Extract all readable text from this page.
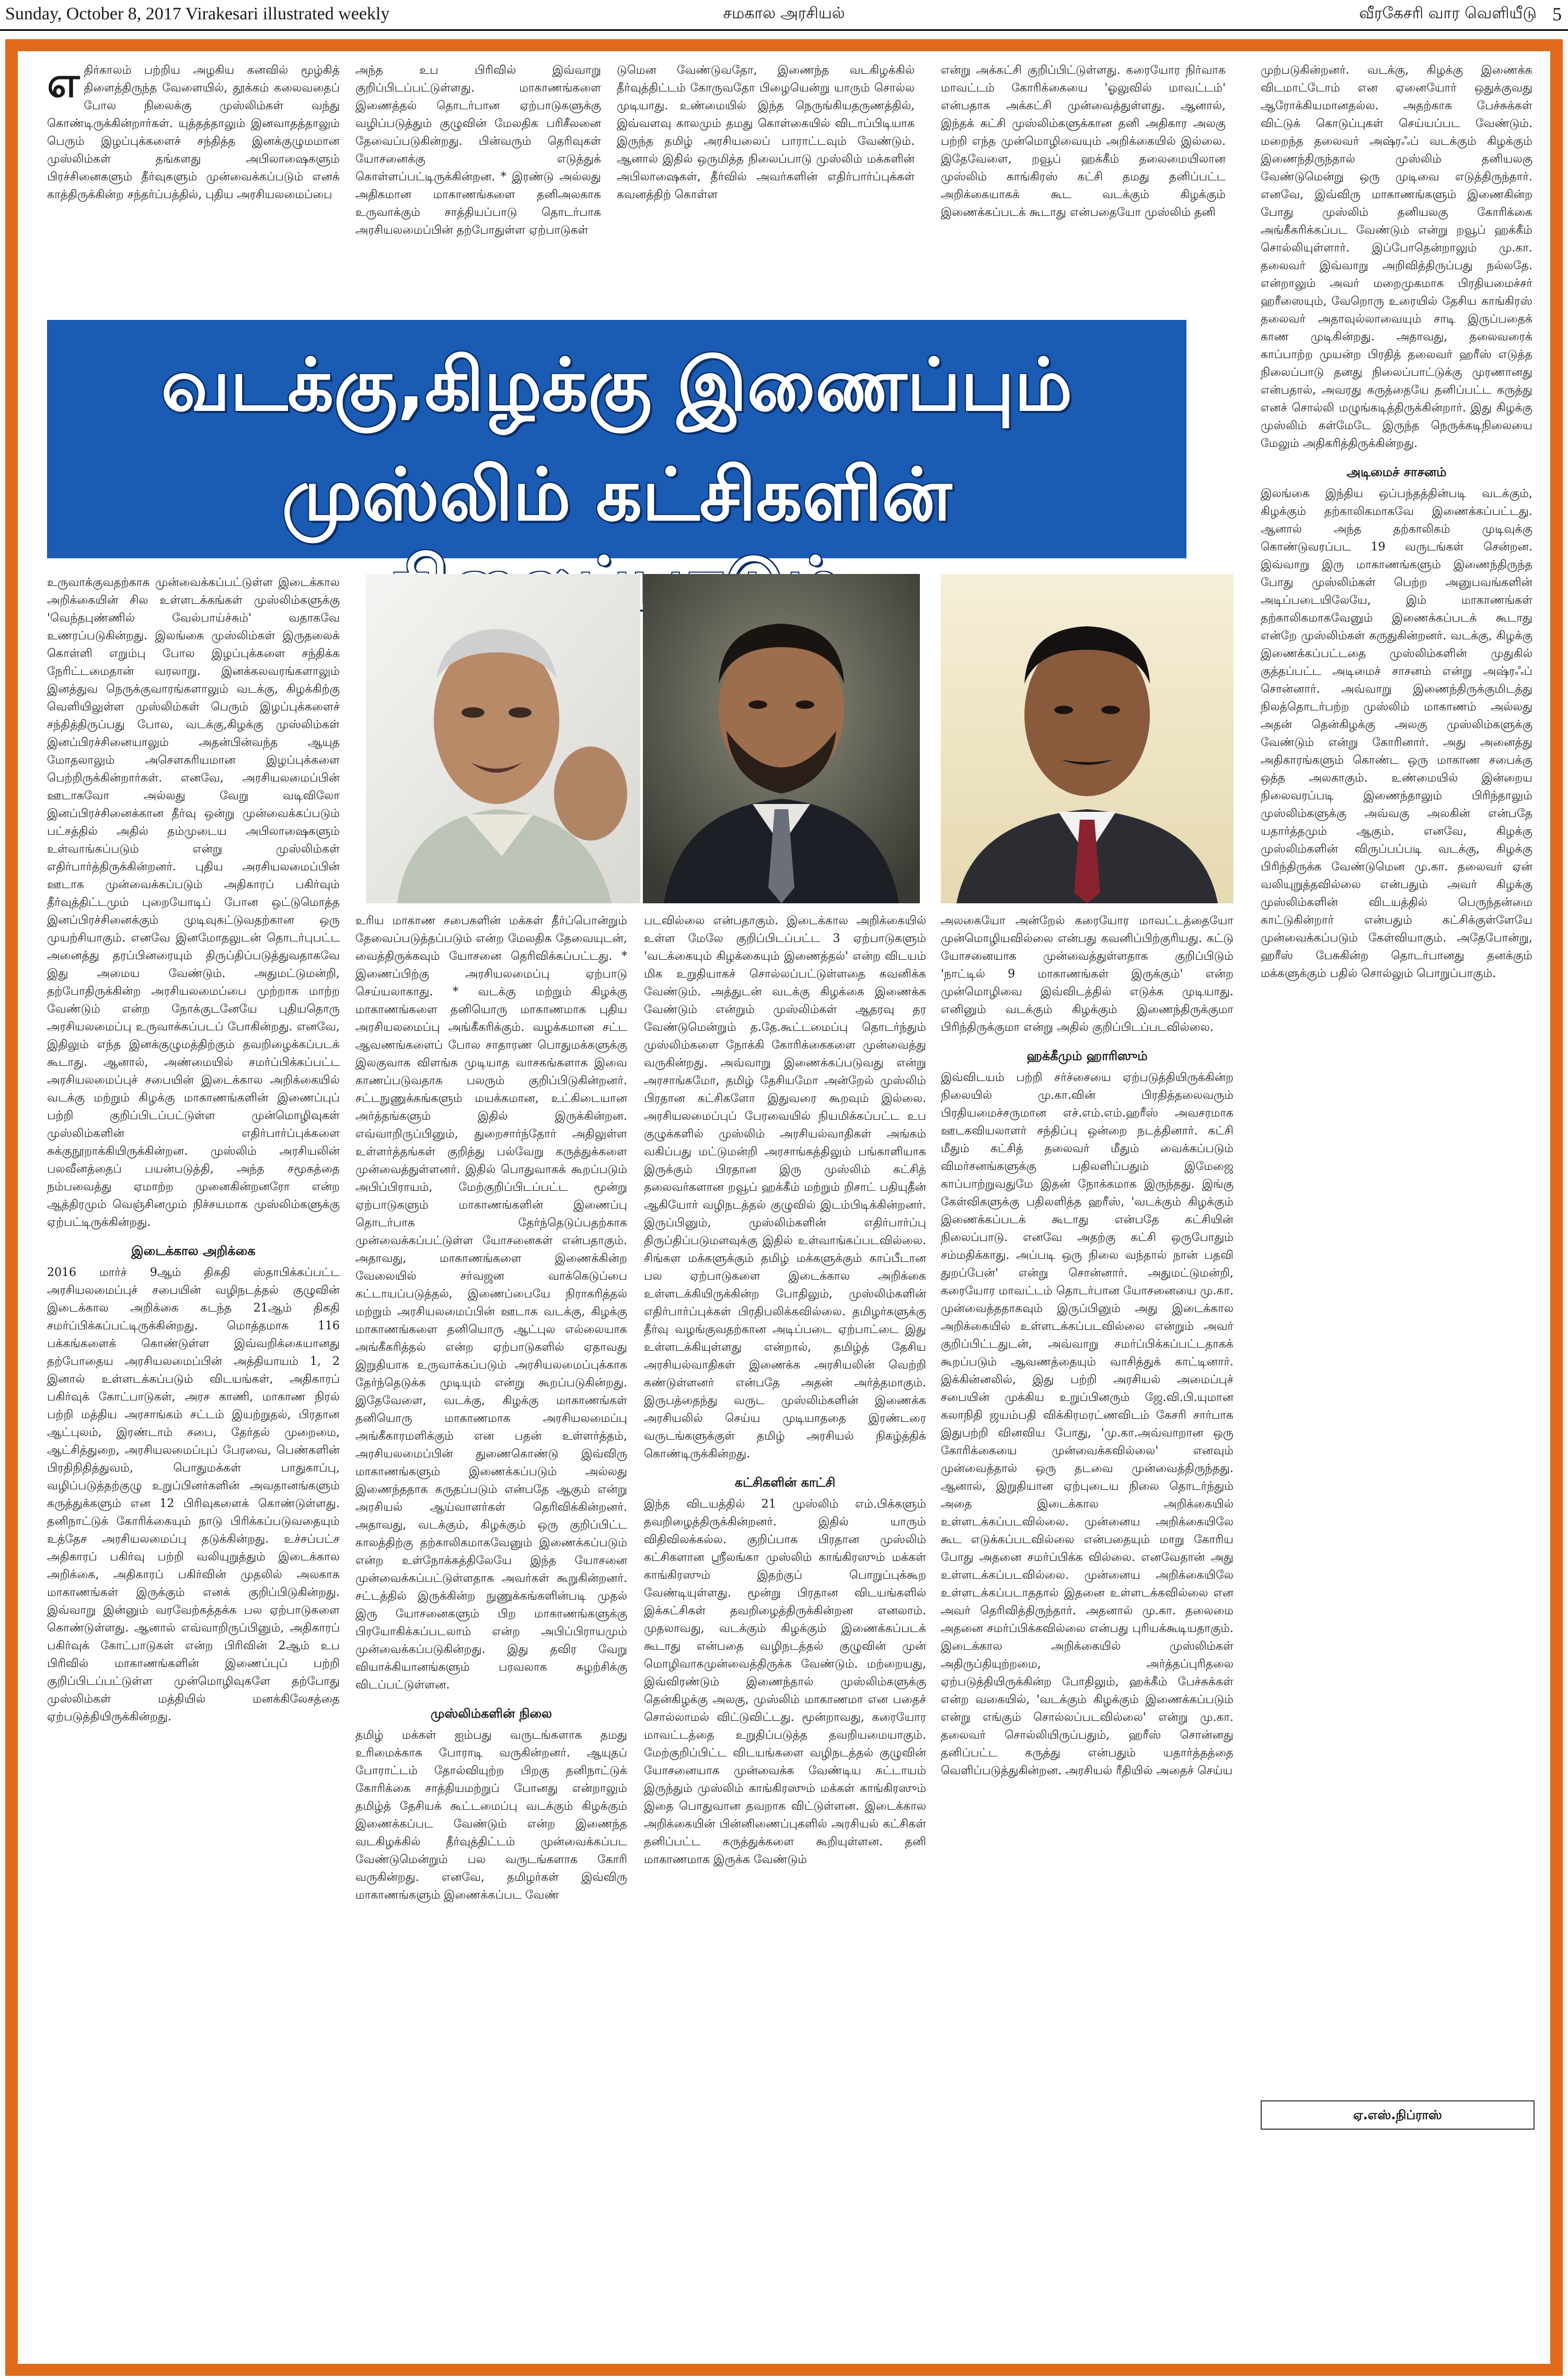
Sunday, October 8, 2017 Virakesari illustrated weekly	சமகால அரசியல்	வீரகேசரி வார வெளியீடு 5

எதிர்காலம் பற்றிய அழகிய கனவில் மூழ்கித் திளைத்திருந்த வேளையில், தூக்கம் கலைவதைப் போல நிலைக்கு முஸ்லிம்கள் வந்து கொண்டிருக்கின்றார்கள். யுத்தத்தாலும் இனவாதத்தாலும் பெரும் இழப்புக்களைச் சந்தித்த இனக்குழுமமான முஸ்லிம்கள் தங்களது அபிலாஷைகளும் பிரச்சினைகளும் தீர்வுகளும் முன்வைக்கப்படும் எனக் காத்திருக்கின்ற சந்தர்ப்பத்தில், புதிய அரசியலமைப்பை

அந்த உப பிரிவில் இவ்வாறு குறிப்பிடப்பட்டுள்ளது. மாகாணங்களை இணைத்தல் தொடர்பான ஏற்பாடுகளுக்கு வழிப்படுத்தும் குழுவின் மேலதிக பரிசீலனை தேவைப்படுகின்றது. பின்வரும் தெரிவுகள் யோசனைக்கு எடுத்துக் கொள்ளப்பட்டிருக்கின்றன. * இரண்டு அல்லது அதிகமான மாகாணங்களை தனிஅலகாக உருவாக்கும் சாத்தியப்பாடு தொடர்பாக அரசியலமைப்பின் தற்போதுள்ள ஏற்பாடுகள்

டுமென வேண்டுவதோ, இணைந்த வடகிழக்கில் தீர்வுத்திட்டம் கோருவதோ பிழையென்று யாரும் சொல்ல முடியாது. உண்மையில் இந்த நெருங்கியதருணத்தில், இவ்வளவு காலமும் தமது கொள்கையில் விடாப்பிடியாக இருந்த தமிழ் அரசியலைப் பாராட்டவும் வேண்டும். ஆனால் இதில் ஒருமித்த நிலைப்பாடு முஸ்லிம் மக்களின் அபிலாஷைகள், தீர்வில் அவர்களின் எதிர்பார்ப்புக்கள் கவனத்திற் கொள்ள

என்று அக்கட்சி குறிப்பிட்டுள்ளது. கரையோர நிர்வாக மாவட்டம் கோரிக்கையை 'ஓலுவில் மாவட்டம்' என்பதாக அக்கட்சி முன்வைத்துள்ளது. ஆனால், இந்தக் கட்சி முஸ்லிம்களுக்கான தனி அதிகார அலகு பற்றி எந்த முன்மொழிவையும் அறிக்கையில் இல்லை. இதேவேளை, றவூப் ஹக்கீம் தலைமையிலான முஸ்லிம் காங்கிரஸ் கட்சி தமது தனிப்பட்ட அறிக்கையாகக் கூட வடக்கும் கிழக்கும் இணைக்கப்படக் கூடாது என்பதையோ முஸ்லிம் தனி

வடக்கு,கிழக்கு இணைப்பும்
முஸ்லிம் கட்சிகளின்

முற்படுகின்றனர். வடக்கு, கிழக்கு இணைக்க விடமாட்டோம் என ஏனையோர் ஒதுக்குவது ஆரோக்கியமானதல்ல. அதற்காக பேச்சுக்கள் விட்டுக் கொடுப்புகள் செய்யப்பட வேண்டும். மறைந்த தலைவர் அஷ்ரஃப் வடக்கும் கிழக்கும் இணைந்திருந்தால் முஸ்லிம் தனியலகு வேண்டுமென்று ஒரு முடிவை எடுத்திருந்தார். எனவே, இவ்விரு மாகாணங்களும் இணைகின்ற போது முஸ்லிம் தனியலகு கோரிக்கை அங்கீகரிக்கப்பட வேண்டும் என்று றவூப் ஹக்கீம் சொல்லியுள்ளார். இப்போதென்றாலும் மு.கா. தலைவர் இவ்வாறு அறிவித்திருப்பது நல்லதே. என்றாலும் அவர் மறைமுகமாக பிரதியமைச்சர் ஹரீஸையும், வேறொரு உரையில் தேசிய காங்கிரஸ் தலைவர் அதாவுல்லாவையும் சாடி இருப்பதைக் காண முடிகின்றது. அதாவது, தலைவரைக் காப்பாற்ற முயன்ற பிரதித் தலைவர் ஹரீஸ் எடுத்த நிலைப்பாடு தனது நிலைப்பாட்டுக்கு முரணானது என்பதால், அவரது கருத்தையே தனிப்பட்ட கருத்து எனச் சொல்லி மழுங்கடித்திருக்கின்றார். இது கிழக்கு முஸ்லிம் கள்மேடே இருந்த நெருக்கடிநிலையை மேலும் அதிகரித்திருக்கின்றது.

அடிமைச் சாசனம்

இலங்கை இந்திய ஒப்பந்தத்தின்படி வடக்கும், கிழக்கும் தற்காலிகமாகவே இணைக்கப்பட்டது. ஆனால் அந்த தற்காலிகம் முடிவுக்கு கொண்டுவரப்பட 19 வருடங்கள் சென்றன. இவ்வாறு இரு மாகாணங்களும் இணைந்திருந்த போது முஸ்லிம்கள் பெற்ற அனுபவங்களின் அடிப்படையிலேயே, இம் மாகாணங்கள் தற்காலிகமாகவேனும் இணைக்கப்படக் கூடாது என்றே முஸ்லிம்கள் கருதுகின்றனர். வடக்கு, கிழக்கு இணைக்கப்பட்டதை முஸ்லிம்களின் முதுகில் குத்தப்பட்ட அடிமைச் சாசனம் என்று அஷ்ரஃப் சொன்னார். அவ்வாறு இணைந்திருக்குமிடத்து நிலத்தொடர்பற்ற முஸ்லிம் மாகாணம் அல்லது அதன் தென்கிழக்கு அலகு முஸ்லிம்களுக்கு வேண்டும் என்று கோரினார். அது அனைத்து அதிகாரங்களும் கொண்ட ஒரு மாகாண சபைக்கு ஒத்த அலகாகும். உண்மையில் இன்றைய நிலைவரப்படி இணைந்தாலும் பிரிந்தாலும் முஸ்லிம்களுக்கு அவ்வகு அலகின் என்பதே யதார்த்தமும் ஆகும். எனவே, கிழக்கு முஸ்லிம்களின் விருப்பப்படி வடக்கு, கிழக்கு பிரிந்திருக்க வேண்டுமென மு.கா. தலைவர் ஏன் வலியுறுத்தவில்லை என்பதும் அவர் கிழக்கு முஸ்லிம்களின் விடயத்தில் பெருந்தன்மை காட்டுகின்றார் என்பதும் கட்சிக்குள்ளேயே முன்வைக்கப்படும் கேள்வியாகும். அதேபோன்று, ஹரீஸ் பேசுகின்ற தொடர்பானது தனக்கும் மக்களுக்கும் பதில் சொல்லும் பொறுப்பாகும்.

உருவாக்குவதற்காக முன்வைக்கப்பட்டுள்ள இடைக்கால அறிக்கையின் சில உள்ளடக்கங்கள் முஸ்லிம்களுக்கு 'வெந்தபுண்ணில் வேல்பாய்ச்சும்' வதாகவே உணரப்படுகின்றது. இலங்கை முஸ்லிம்கள் இருதலைக் கொள்ளி எறும்பு போல இழப்புக்களை சந்திக்க நேரிட்டமைதான் வரலாறு. இனக்கலவரங்களாலும் இனத்துவ நெருக்குவாரங்களாலும் வடக்கு, கிழக்கிற்கு வெளியிலுள்ள முஸ்லிம்கள் பெரும் இழப்புக்களைச் சந்தித்திருப்பது போல, வடக்கு,கிழக்கு முஸ்லிம்கள் இனப்பிரச்சினையாலும் அதன்பின்வந்த ஆயுத மோதலாலும் அசௌகரியமான இழப்புக்களை பெற்றிருக்கின்றார்கள். எனவே, அரசியலமைப்பின் ஊடாகவோ அல்லது வேறு வடிவிலோ இனப்பிரச்சினைக்கான தீர்வு ஒன்று முன்வைக்கப்படும் பட்சத்தில் அதில் தம்முடைய அபிலாஷைகளும் உள்வாங்கப்படும் என்று முஸ்லிம்கள் எதிர்பார்த்திருக்கின்றனர். புதிய அரசியலமைப்பின் ஊடாக முன்வைக்கப்படும் அதிகாரப் பகிர்வும் தீர்வுத்திட்டமும் புறையோடிப் போன ஒட்டுமொத்த இனப்பிரச்சினைக்கும் முடிவுகட்டுவதற்கான ஒரு முயற்சியாகும். எனவே இனமோதலுடன் தொடர்புபட்ட அனைத்து தரப்பினரையும் திருப்திப்படுத்துவதாகவே இது அமைய வேண்டும். அதுமட்டுமன்றி, தற்போதிருக்கின்ற அரசியலமைப்பை முற்றாக மாற்ற வேண்டும் என்ற நோக்குடனேயே புதியதொரு அரசியலமைப்பு உருவாக்கப்படப் போகின்றது. எனவே, இதிலும் எந்த இனக்குழுமத்திற்கும் தவறிழைக்கப்படக் கூடாது. ஆனால், அண்மையில் சமர்ப்பிக்கப்பட்ட அரசியலமைப்புச் சபையின் இடைக்கால அறிக்கையில் வடக்கு மற்றும் கிழக்கு மாகாணங்களின் இணைப்புப் பற்றி குறிப்பிடப்பட்டுள்ள முன்மொழிவுகள் முஸ்லிம்களின் எதிர்பார்ப்புக்களை சுக்குநூறாக்கியிருக்கின்றன. முஸ்லிம் அரசியலின் பலவீனத்தைப் பயன்படுத்தி, அந்த சமூகத்தை நம்பவைத்து ஏமாற்ற முனைகின்றனரோ என்ற ஆத்திரமும் வெஞ்சினமும் நிச்சயமாக முஸ்லிம்களுக்கு ஏற்பட்டிருக்கின்றது.

இடைக்கால அறிக்கை

2016 மார்ச் 9ஆம் திகதி ஸ்தாபிக்கப்பட்ட அரசியலமைப்புச் சபையின் வழிநடத்தல் குழுவின் இடைக்கால அறிக்கை கடந்த 21ஆம் திகதி சமர்ப்பிக்கப்பட்டிருக்கின்றது. மொத்தமாக 116 பக்கங்களைக் கொண்டுள்ள இவ்வறிக்கையானது தற்போதைய அரசியலமைப்பின் அத்தியாயம் 1, 2 இனால் உள்ளடக்கப்படும் விடயங்கள், அதிகாரப் பகிர்வுக் கோட்பாடுகள், அரச காணி, மாகாண நிரல் பற்றி மத்திய அரசாங்கம் சட்டம் இயற்றுதல், பிரதான ஆட்புலம், இரண்டாம் சபை, தேர்தல் முறைமை, ஆட்சித்துறை, அரசியலமைப்புப் பேரவை, பெண்களின் பிரதிநிதித்துவம், பொதுமக்கள் பாதுகாப்பு, வழிப்படுத்தற்குழு உறுப்பினர்களின் அவதானங்களும் கருத்துக்களும் என 12 பிரிவுகளைக் கொண்டுள்ளது. தனிநாட்டுக் கோரிக்கையும் நாடு பிரிக்கப்படுவதையும் உத்தேச அரசியலமைப்பு தடுக்கின்றது. உச்சப்பட்ச அதிகாரப் பகிர்வு பற்றி வலியுறுத்தும் இடைக்கால அறிக்கை, அதிகாரப் பகிர்வின் முதலில் அலகாக மாகாணங்கள் இருக்கும் எனக் குறிப்பிடுகின்றது. இவ்வாறு இன்னும் வரவேற்கத்தக்க பல ஏற்பாடுகளை கொண்டுள்ளது. ஆனால் எவ்வாறிருப்பினும், அதிகாரப் பகிர்வுக் கோட்பாடுகள் என்ற பிரிவின் 2ஆம் உப பிரிவில் மாகாணங்களின் இணைப்புப் பற்றி குறிப்பிடப்பட்டுள்ள முன்மொழிவுகளே தற்போது முஸ்லிம்கள் மத்தியில் மனக்கிலேசத்தை ஏற்படுத்தியிருக்கின்றது.

உரிய மாகாண சபைகளின் மக்கள் தீர்ப்பொன்றும் தேவைப்படுத்தப்படும் என்ற மேலதிக தேவையுடன், வைத்திருக்கவும் யோசனை தெரிவிக்கப்பட்டது. * இணைப்பிற்கு அரசியலமைப்பு ஏற்பாடு செய்யலாகாது. * வடக்கு மற்றும் கிழக்கு மாகாணங்களை தனியொரு மாகாணமாக புதிய அரசியலமைப்பு அங்கீகரிக்கும். வழக்கமான சட்ட ஆவணங்களைப் போல சாதாரண பொதுமக்களுக்கு இலகுவாக விளங்க முடியாத வாசகங்களாக இவை காணப்படுவதாக பலரும் குறிப்பிடுகின்றனர். சட்டநுணுக்கங்களும் மயக்கமான, உட்கிடையான அர்த்தங்களும் இதில் இருக்கின்றன. எவ்வாறிருப்பினும், துறைசார்ந்தோர் அதிலுள்ள உள்ளர்த்தங்கள் குறித்து பல்வேறு கருத்துக்களை முன்வைத்துள்ளனர். இதில் பொதுவாகக் கூறப்படும் அபிப்பிராயம், மேற்குறிப்பிடப்பட்ட மூன்று ஏற்பாடுகளும் மாகாணங்களின் இணைப்பு தொடர்பாக தேர்ந்தெடுப்பதற்காக முன்வைக்கப்பட்டுள்ள யோசனைகள் என்பதாகும். அதாவது, மாகாணங்களை இணைக்கின்ற வேலையில் சர்வஜன வாக்கெடுப்பை கட்டாயப்படுத்தல், இணைப்பையே நிராகரித்தல் மற்றும் அரசியலமைப்பின் ஊடாக வடக்கு, கிழக்கு மாகாணங்களை தனியொரு ஆட்புல எல்லையாக அங்கீகரித்தல் என்ற ஏற்பாடுகளில் ஏதாவது இறுதியாக உருவாக்கப்படும் அரசியலமைப்புக்காக தேர்ந்தெடுக்க முடியும் என்று கூறப்படுகின்றது. இதேவேளை, வடக்கு, கிழக்கு மாகாணங்கள் தனியொரு மாகாணமாக அரசியலமைப்பு அங்கீகாரமளிக்கும் என பதன் உள்ளர்த்தம், அரசியலமைப்பின் துணைகொண்டு இவ்விரு மாகாணங்களும் இணைக்கப்படும் அல்லது இணைந்ததாக கருதப்படும் என்பதே ஆகும் என்று அரசியல் ஆய்வாளர்கள் தெரிவிக்கின்றனர். அதாவது, வடக்கும், கிழக்கும் ஒரு குறிப்பிட்ட காலத்திற்கு தற்காலிகமாகவேனும் இணைக்கப்படும் என்ற உள்நோக்கத்திலேயே இந்த யோசனை முன்வைக்கப்பட்டுள்ளதாக அவர்கள் கூறுகின்றனர். சட்டத்தில் இருக்கின்ற நுணுக்கங்களின்படி முதல் இரு யோசனைகளும் பிற மாகாணங்களுக்கு பிரயோகிக்கப்படலாம் என்ற அபிப்பிராயமும் முன்வைக்கப்படுகின்றது. இது தவிர வேறு வியாக்கியானங்களும் பரவலாக சுழற்சிக்கு விடப்பட்டுள்ளன.

முஸ்லிம்களின் நிலை

தமிழ் மக்கள் ஐம்பது வருடங்களாக தமது உரிமைக்காக போராடி வருகின்றனர். ஆயுதப் போராட்டம் தோல்வியுற்ற பிறகு தனிநாட்டுக் கோரிக்கை சாத்தியமற்றுப் போனது என்றாலும் தமிழ்த் தேசியக் கூட்டமைப்பு வடக்கும் கிழக்கும் இணைக்கப்பட வேண்டும் என்ற இணைந்த வடகிழக்கில் தீர்வுத்திட்டம் முன்வைக்கப்பட வேண்டுமென்றும் பல வருடங்களாக கோரி வருகின்றது. எனவே, தமிழர்கள் இவ்விரு மாகாணங்களும் இணைக்கப்பட வேண்

படவில்லை என்பதாகும். இடைக்கால அறிக்கையில் உள்ள மேலே குறிப்பிடப்பட்ட 3 ஏற்பாடுகளும் 'வடக்கையும் கிழக்கையும் இணைத்தல்' என்ற விடயம் மிக உறுதியாகச் சொல்லப்பட்டுள்ளதை கவனிக்க வேண்டும். அத்துடன் வடக்கு கிழக்கை இணைக்க வேண்டும் என்றும் முஸ்லிம்கள் ஆதரவு தர வேண்டுமென்றும் த.தே.கூட்டமைப்பு தொடர்ந்தும் முஸ்லிம்களை நோக்கி கோரிக்கைகளை முன்வைத்து வருகின்றது. அவ்வாறு இணைக்கப்படுவது என்று அரசாங்கமோ, தமிழ் தேசியமோ அன்றேல் முஸ்லிம் பிரதான கட்சிகளோ இதுவரை கூறவும் இல்லை. அரசியலமைப்புப் பேரவையில் நியமிக்கப்பட்ட உப குழுக்களில் முஸ்லிம் அரசியல்வாதிகள் அங்கம் வகிப்பது மட்டுமன்றி அரசாங்கத்திலும் பங்காளியாக இருக்கும் பிரதான இரு முஸ்லிம் கட்சித் தலைவர்களான றவூப் ஹக்கீம் மற்றும் றிசாட் பதியுதீன் ஆகியோர் வழிநடத்தல் குழுவில் இடம்பிடிக்கின்றனர். இருப்பினும், முஸ்லிம்களின் எதிர்பார்ப்பு திருப்திப்படுமளவுக்கு இதில் உள்வாங்கப்படவில்லை. சிங்கள மக்களுக்கும் தமிழ் மக்களுக்கும் காப்பீடான பல ஏற்பாடுகளை இடைக்கால அறிக்கை உள்ளடக்கியிருக்கின்ற போதிலும், முஸ்லிம்களின் எதிர்பார்ப்புக்கள் பிரதிபலிக்கவில்லை. தமிழர்களுக்கு தீர்வு வழங்குவதற்கான அடிப்படை ஏற்பாட்டை இது உள்ளடக்கியுள்ளது என்றால், தமிழ்த் தேசிய அரசியல்வாதிகள் இணைக்க அரசியலின் வெற்றி கண்டுள்ளனர் என்பதே அதன் அர்த்தமாகும். இருபத்தைந்து வருட முஸ்லிம்களின் இணைக்க அரசியலில் செய்ய முடியாததை இரண்டரை வருடங்களுக்குள் தமிழ் அரசியல் நிகழ்த்திக் கொண்டிருக்கின்றது.

கட்சிகளின் காட்சி

இந்த விடயத்தில் 21 முஸ்லிம் எம்.பிக்களும் தவறிழைத்திருக்கின்றனர். இதில் யாரும் விதிவிலக்கல்ல. குறிப்பாக பிரதான முஸ்லிம் கட்சிகளான ஸ்ரீலங்கா முஸ்லிம் காங்கிரஸும் மக்கள் காங்கிரஸும் இதற்குப் பொறுப்புக்கூற வேண்டியுள்ளது. மூன்று பிரதான விடயங்களில் இக்கட்சிகள் தவறிழைத்திருக்கின்றன எனலாம். முதலாவது, வடக்கும் கிழக்கும் இணைக்கப்படக் கூடாது என்பதை வழிநடத்தல் குழுவின் முன் மொழிவாகமுன்வைத்திருக்க வேண்டும். மற்றையது, இவ்விரண்டும் இணைந்தால் முஸ்லிம்களுக்கு தென்கிழக்கு அலகு, முஸ்லிம் மாகாணமா என பதைச் சொல்லாமல் விட்டுவிட்டது. மூன்றாவது, கரையோர மாவட்டத்தை உறுதிப்படுத்த தவறியமையாகும். மேற்குறிப்பிட்ட விடயங்களை வழிநடத்தல் குழுவின் யோசனையாக முன்வைக்க வேண்டிய கட்டாயம் இருந்தும் முஸ்லிம் காங்கிரஸும் மக்கள் காங்கிரஸும் இதை பொதுவான தவறாக விட்டுள்ளன. இடைக்கால அறிக்கையின் பின்னிணைப்புகளில் அரசியல் கட்சிகள் தனிப்பட்ட கருத்துக்களை கூறியுள்ளன. தனி மாகாணமாக இருக்க வேண்டும்

அலகையோ அன்றேல் கரையோர மாவட்டத்தையோ முன்மொழியவில்லை என்பது கவனிப்பிற்குரியது. கட்டு யோசனையாக முன்வைத்துள்ளதாக குறிப்பிடும் 'நாட்டில் 9 மாகாணங்கள் இருக்கும்' என்ற முன்மொழிவை இவ்விடத்தில் எடுக்க முடியாது. எனினும் வடக்கும் கிழக்கும் இணைந்திருக்குமா பிரிந்திருக்குமா என்று அதில் குறிப்பிடப்படவில்லை.

ஹக்கீமும் ஹாரிஸும்

இவ்விடயம் பற்றி சர்ச்சையை ஏற்படுத்தியிருக்கின்ற நிலையில் மு.கா.வின் பிரதித்தலைவரும் பிரதியமைச்சருமான எச்.எம்.எம்.ஹரீஸ் அவசரமாக ஊடகவியலாளர் சந்திப்பு ஒன்றை நடத்தினார். கட்சி மீதும் கட்சித் தலைவர் மீதும் வைக்கப்படும் விமர்சனங்களுக்கு பதிலளிப்பதும் இமேஜை காப்பாற்றுவதுமே இதன் நோக்கமாக இருந்தது. இங்கு கேள்விகளுக்கு பதிலளித்த ஹரீஸ், 'வடக்கும் கிழக்கும் இணைக்கப்படக் கூடாது என்பதே கட்சியின் நிலைப்பாடு. எனவே அதற்கு கட்சி ஒருபோதும் சம்மதிக்காது. அப்படி ஒரு நிலை வந்தால் நான் பதவி துறப்பேன்' என்று சொன்னார். அதுமட்டுமன்றி, கரையோர மாவட்டம் தொடர்பான யோசனையை மு.கா. முன்வைத்ததாகவும் இருப்பினும் அது இடைக்கால அறிக்கையில் உள்ளடக்கப்படவில்லை என்றும் அவர் குறிப்பிட்டதுடன், அவ்வாறு சமர்ப்பிக்கப்பட்டதாகக் கூறப்படும் ஆவணத்தையும் வாசித்துக் காட்டினார். இக்கின்னலில், இது பற்றி அரசியல் அமைப்புச் சபையின் முக்கிய உறுப்பினரும் ஜே.வி.பி.யுமான கலாநிதி ஜயம்பதி விக்கிரமரட்ணவிடம் கேசரி சார்பாக இதுபற்றி வினவிய போது, 'மு.கா.அவ்வாறான ஒரு கோரிக்கையை முன்வைக்கவில்லை' எனவும் முன்வைத்தால் ஒரு தடவை முன்வைத்திருந்தது. ஆனால், இறுதியான ஏற்புடைய நிலை தொடர்ந்தும் அதை இடைக்கால அறிக்கையில் உள்ளடக்கப்படவில்லை. முன்னைய அறிக்கையிலே கூட எடுக்கப்படவில்லை என்பதையும் மாறு கோரிய போது அதனை சமர்ப்பிக்க வில்லை. எனவேதான் அது உள்ளடக்கப்படவில்லை. முன்னைய அறிக்கையிலே உள்ளடக்கப்படாததால் இதனை உள்ளடக்கவில்லை என அவர் தெரிவித்திருந்தார். அதனால் மு.கா. தலைமை அதனை சமர்ப்பிக்கவில்லை என்பது புரியக்கூடியதாகும். இடைக்கால அறிக்கையில் முஸ்லிம்கள் அதிருப்தியுற்றமை, அர்த்தப்புரிதலை ஏற்படுத்தியிருக்கின்ற போதிலும், ஹக்கீம் பேச்சுக்கள் என்ற வகையில், 'வடக்கும் கிழக்கும் இணைக்கப்படும் என்று எங்கும் சொல்லப்படவில்லை' என்று மு.கா. தலைவர் சொல்லியிருப்பதும், ஹரீஸ் சொன்னது தனிப்பட்ட கருத்து என்பதும் யதார்த்தத்தை வெளிப்படுத்துகின்றன. அரசியல் ரீதியில் அதைச் செய்ய

ஏ.எஸ்.நிப்ராஸ்
